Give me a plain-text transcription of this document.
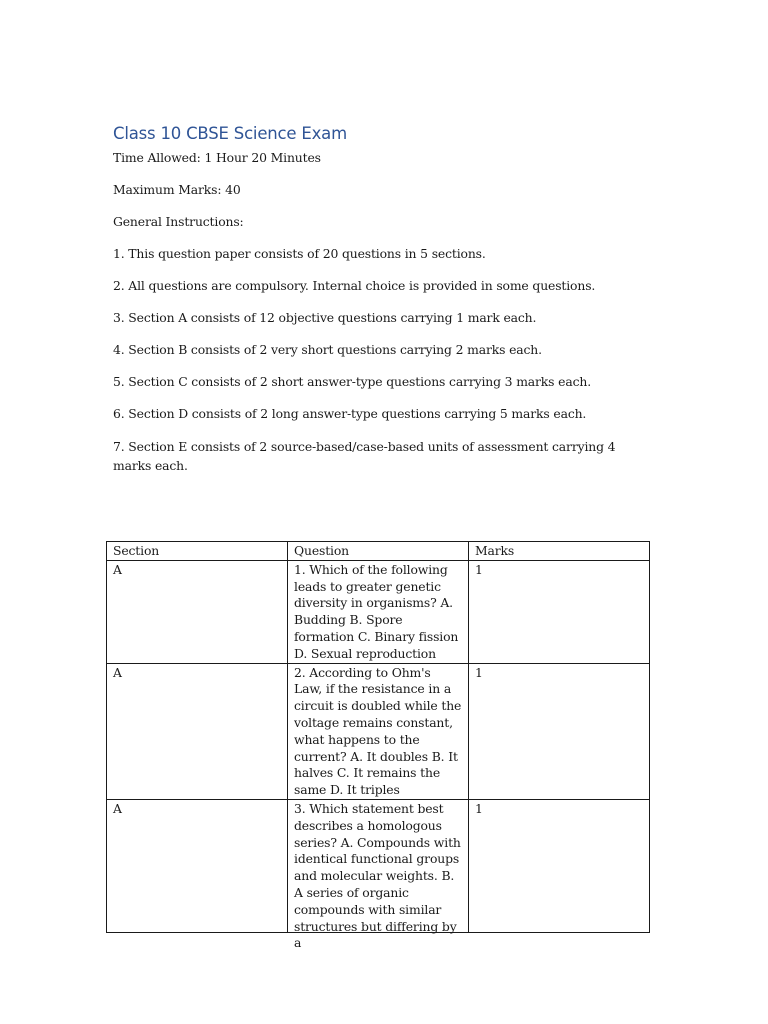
Class 10 CBSE Science Exam
Time Allowed: 1 Hour 20 Minutes
Maximum Marks: 40
General Instructions:
1. This question paper consists of 20 questions in 5 sections.
2. All questions are compulsory. Internal choice is provided in some questions.
3. Section A consists of 12 objective questions carrying 1 mark each.
4. Section B consists of 2 very short questions carrying 2 marks each.
5. Section C consists of 2 short answer-type questions carrying 3 marks each.
6. Section D consists of 2 long answer-type questions carrying 5 marks each.
7. Section E consists of 2 source-based/case-based units of assessment carrying 4 marks each.
Section	Question	Marks
A	1. Which of the following leads to greater genetic diversity in organisms? A. Budding B. Spore formation C. Binary fission D. Sexual reproduction	1
A	2. According to Ohm's Law, if the resistance in a circuit is doubled while the voltage remains constant, what happens to the current? A. It doubles B. It halves C. It remains the same D. It triples	1
A	3. Which statement best describes a homologous series? A. Compounds with identical functional groups and molecular weights. B. A series of organic compounds with similar structures but differing by a	1
